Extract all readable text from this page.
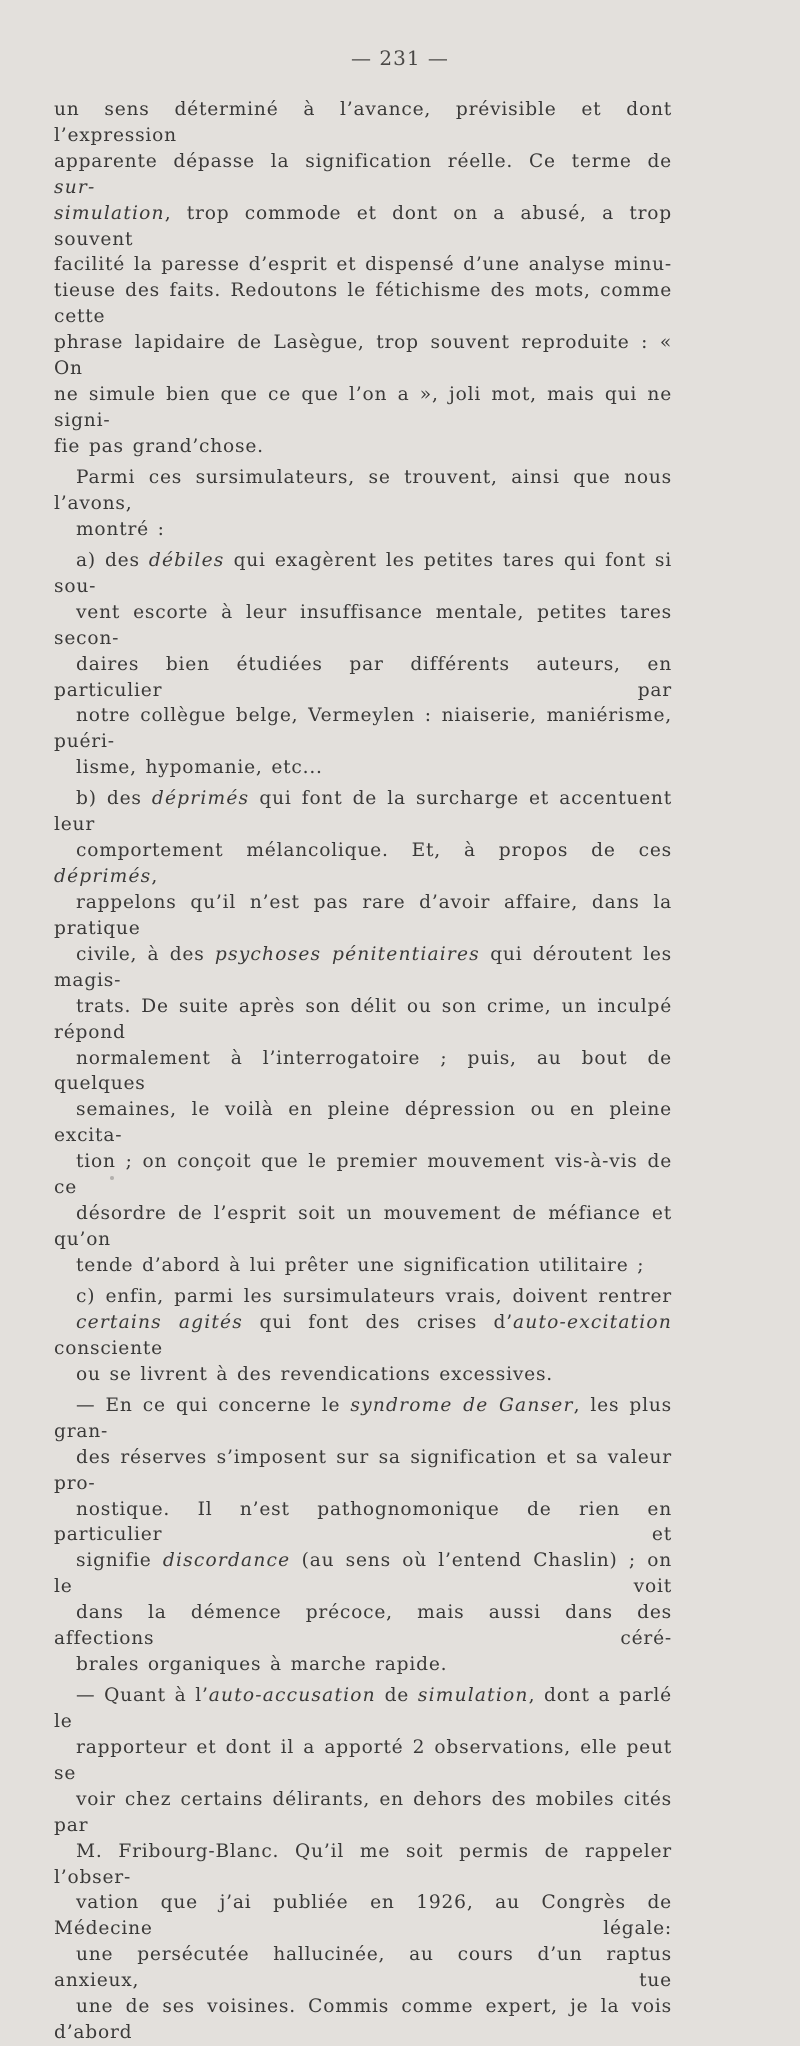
— 231 —

un sens déterminé à l’avance, prévisible et dont l’expression
apparente dépasse la signification réelle. Ce terme de sur-
simulation, trop commode et dont on a abusé, a trop souvent
facilité la paresse d’esprit et dispensé d’une analyse minu-
tieuse des faits. Redoutons le fétichisme des mots, comme cette
phrase lapidaire de Lasègue, trop souvent reproduite : « On
ne simule bien que ce que l’on a », joli mot, mais qui ne signi-
fie pas grand’chose.

Parmi ces sursimulateurs, se trouvent, ainsi que nous l’avons,
montré :

a) des débiles qui exagèrent les petites tares qui font si sou-
vent escorte à leur insuffisance mentale, petites tares secon-
daires bien étudiées par différents auteurs, en particulier par
notre collègue belge, Vermeylen : niaiserie, maniérisme, puéri-
lisme, hypomanie, etc...

b) des déprimés qui font de la surcharge et accentuent leur
comportement mélancolique. Et, à propos de ces déprimés,
rappelons qu’il n’est pas rare d’avoir affaire, dans la pratique
civile, à des psychoses pénitentiaires qui déroutent les magis-
trats. De suite après son délit ou son crime, un inculpé répond
normalement à l’interrogatoire ; puis, au bout de quelques
semaines, le voilà en pleine dépression ou en pleine excita-
tion ; on conçoit que le premier mouvement vis-à-vis de ce
désordre de l’esprit soit un mouvement de méfiance et qu’on
tende d’abord à lui prêter une signification utilitaire ;

c) enfin, parmi les sursimulateurs vrais, doivent rentrer
certains agités qui font des crises d’auto-excitation consciente
ou se livrent à des revendications excessives.

— En ce qui concerne le syndrome de Ganser, les plus gran-
des réserves s’imposent sur sa signification et sa valeur pro-
nostique. Il n’est pathognomonique de rien en particulier et
signifie discordance (au sens où l’entend Chaslin) ; on le voit
dans la démence précoce, mais aussi dans des affections céré-
brales organiques à marche rapide.

— Quant à l’auto-accusation de simulation, dont a parlé le
rapporteur et dont il a apporté 2 observations, elle peut se
voir chez certains délirants, en dehors des mobiles cités par
M. Fribourg-Blanc. Qu’il me soit permis de rappeler l’obser-
vation que j’ai publiée en 1926, au Congrès de Médecine légale:
une persécutée hallucinée, au cours d’un raptus anxieux, tue
une de ses voisines. Commis comme expert, je la vois d’abord
